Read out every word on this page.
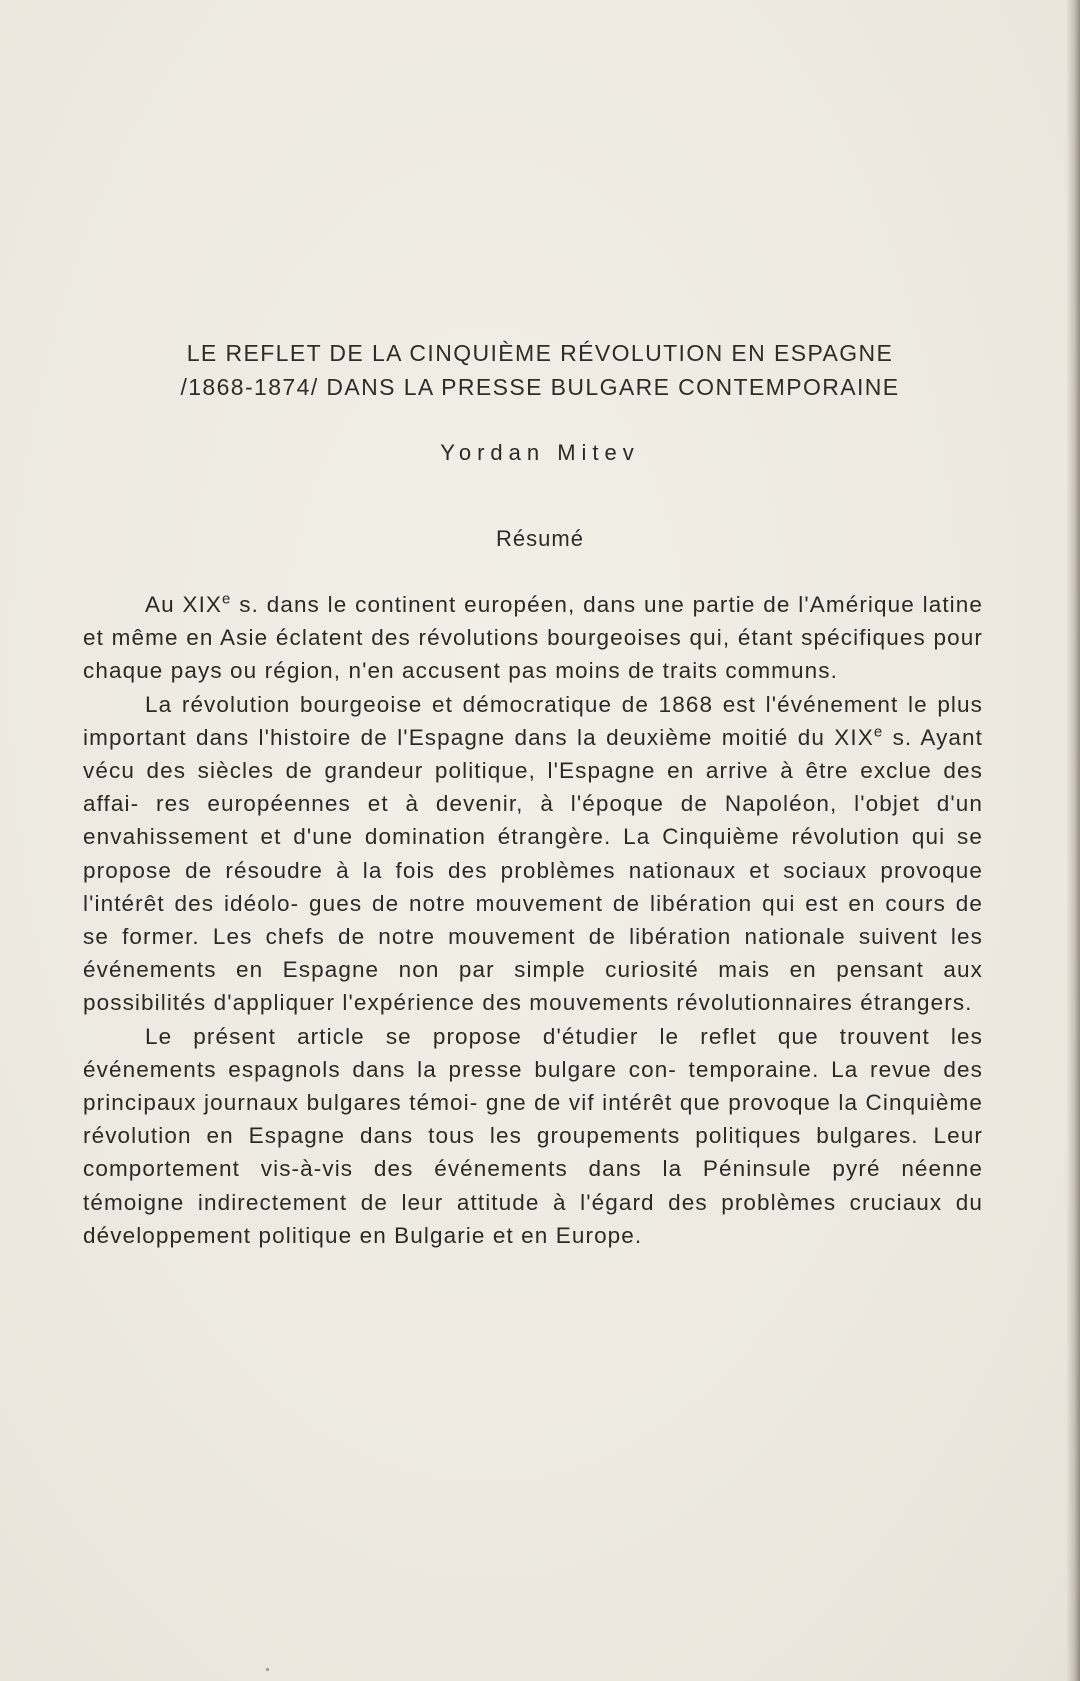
LE REFLET DE LA CINQUIÈME RÉVOLUTION EN ESPAGNE
/1868-1874/ DANS LA PRESSE BULGARE CONTEMPORAINE
Yordan Mitev
Résumé

Au XIXe s. dans le continent européen, dans une partie de l'Amérique latine et même en Asie éclatent des révolutions bourgeoises qui, étant spécifiques pour chaque pays ou région, n'en accusent pas moins de traits communs.

La révolution bourgeoise et démocratique de 1868 est l'événement le plus important dans l'histoire de l'Espagne dans la deuxième moitié du XIXe s. Ayant vécu des siècles de grandeur politique, l'Espagne en arrive à être exclue des affai- res européennes et à devenir, à l'époque de Napoléon, l'objet d'un envahissement et d'une domination étrangère. La Cinquième révolution qui se propose de résoudre à la fois des problèmes nationaux et sociaux provoque l'intérêt des idéolo- gues de notre mouvement de libération qui est en cours de se former. Les chefs de notre mouvement de libération nationale suivent les événements en Espagne non par simple curiosité mais en pensant aux possibilités d'appliquer l'expérience des mouvements révolutionnaires étrangers.

Le présent article se propose d'étudier le reflet que trouvent les événements espagnols dans la presse bulgare con- temporaine. La revue des principaux journaux bulgares témoi- gne de vif intérêt que provoque la Cinquième révolution en Espagne dans tous les groupements politiques bulgares. Leur comportement vis-à-vis des événements dans la Péninsule pyré néenne témoigne indirectement de leur attitude à l'égard des problèmes cruciaux du développement politique en Bulgarie et en Europe.
